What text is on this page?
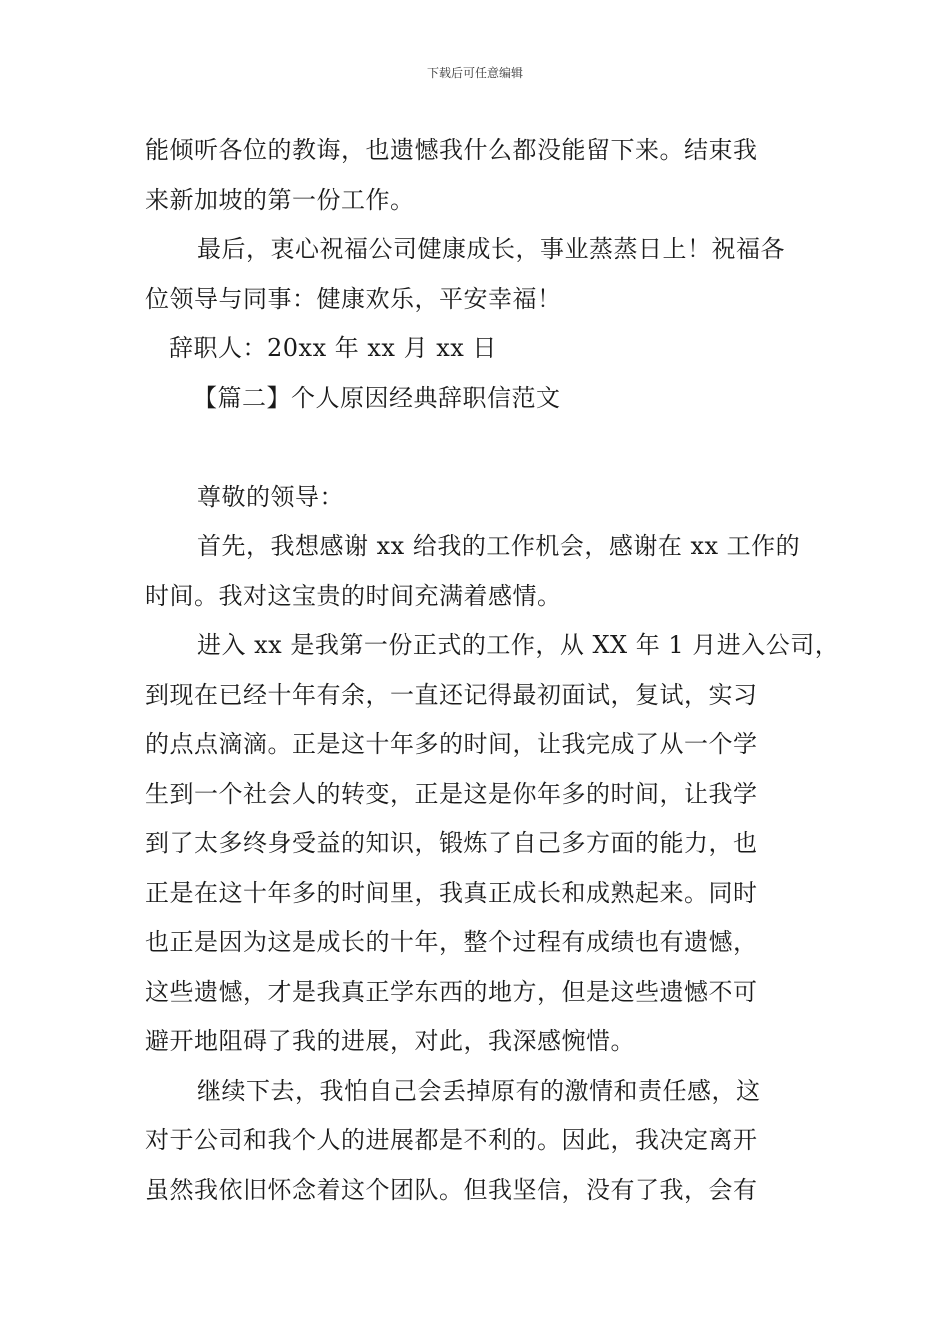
下载后可任意编辑

能倾听各位的教诲，也遗憾我什么都没能留下来。结束我

来新加坡的第一份工作。

最后，衷心祝福公司健康成长，事业蒸蒸日上！祝福各

位领导与同事：健康欢乐，平安幸福！

辞职人：20xx 年 xx 月 xx 日

【篇二】个人原因经典辞职信范文

尊敬的领导：

首先，我想感谢 xx 给我的工作机会，感谢在 xx 工作的

时间。我对这宝贵的时间充满着感情。

进入 xx 是我第一份正式的工作，从 XX 年 1 月进入公司，

到现在已经十年有余，一直还记得最初面试，复试，实习

的点点滴滴。正是这十年多的时间，让我完成了从一个学

生到一个社会人的转变，正是这是你年多的时间，让我学

到了太多终身受益的知识，锻炼了自己多方面的能力，也

正是在这十年多的时间里，我真正成长和成熟起来。同时

也正是因为这是成长的十年，整个过程有成绩也有遗憾，

这些遗憾，才是我真正学东西的地方，但是这些遗憾不可

避开地阻碍了我的进展，对此，我深感惋惜。

继续下去，我怕自己会丢掉原有的激情和责任感，这

对于公司和我个人的进展都是不利的。因此，我决定离开

虽然我依旧怀念着这个团队。但我坚信，没有了我，会有
